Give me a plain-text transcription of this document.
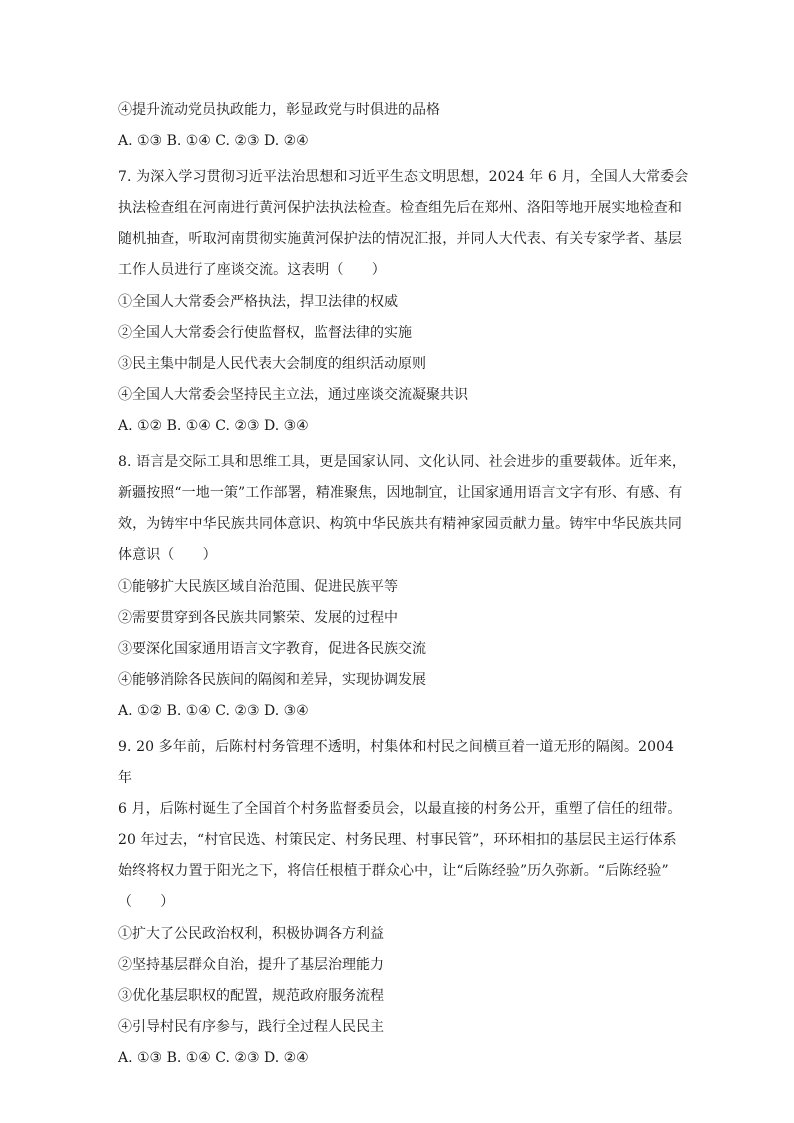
④提升流动党员执政能力，彰显政党与时俱进的品格
A. ①③ B. ①④ C. ②③ D. ②④
7. 为深入学习贯彻习近平法治思想和习近平生态文明思想，2024 年 6 月，全国人大常委会
执法检查组在河南进行黄河保护法执法检查。检查组先后在郑州、洛阳等地开展实地检查和
随机抽查，听取河南贯彻实施黄河保护法的情况汇报，并同人大代表、有关专家学者、基层
工作人员进行了座谈交流。这表明（　　）
①全国人大常委会严格执法，捍卫法律的权威
②全国人大常委会行使监督权，监督法律的实施
③民主集中制是人民代表大会制度的组织活动原则
④全国人大常委会坚持民主立法，通过座谈交流凝聚共识
A. ①② B. ①④ C. ②③ D. ③④
8. 语言是交际工具和思维工具，更是国家认同、文化认同、社会进步的重要载体。近年来，
新疆按照“一地一策”工作部署，精准聚焦，因地制宜，让国家通用语言文字有形、有感、有
效，为铸牢中华民族共同体意识、构筑中华民族共有精神家园贡献力量。铸牢中华民族共同
体意识（　　）
①能够扩大民族区域自治范围、促进民族平等
②需要贯穿到各民族共同繁荣、发展的过程中
③要深化国家通用语言文字教育，促进各民族交流
④能够消除各民族间的隔阂和差异，实现协调发展
A. ①② B. ①④ C. ②③ D. ③④
9. 20 多年前，后陈村村务管理不透明，村集体和村民之间横亘着一道无形的隔阂。2004 年
6 月，后陈村诞生了全国首个村务监督委员会，以最直接的村务公开，重塑了信任的纽带。
20 年过去，“村官民选、村策民定、村务民理、村事民管”，环环相扣的基层民主运行体系
始终将权力置于阳光之下，将信任根植于群众心中，让“后陈经验”历久弥新。“后陈经验”
（　　）
①扩大了公民政治权利，积极协调各方利益
②坚持基层群众自治，提升了基层治理能力
③优化基层职权的配置，规范政府服务流程
④引导村民有序参与，践行全过程人民民主
A. ①③ B. ①④ C. ②③ D. ②④
